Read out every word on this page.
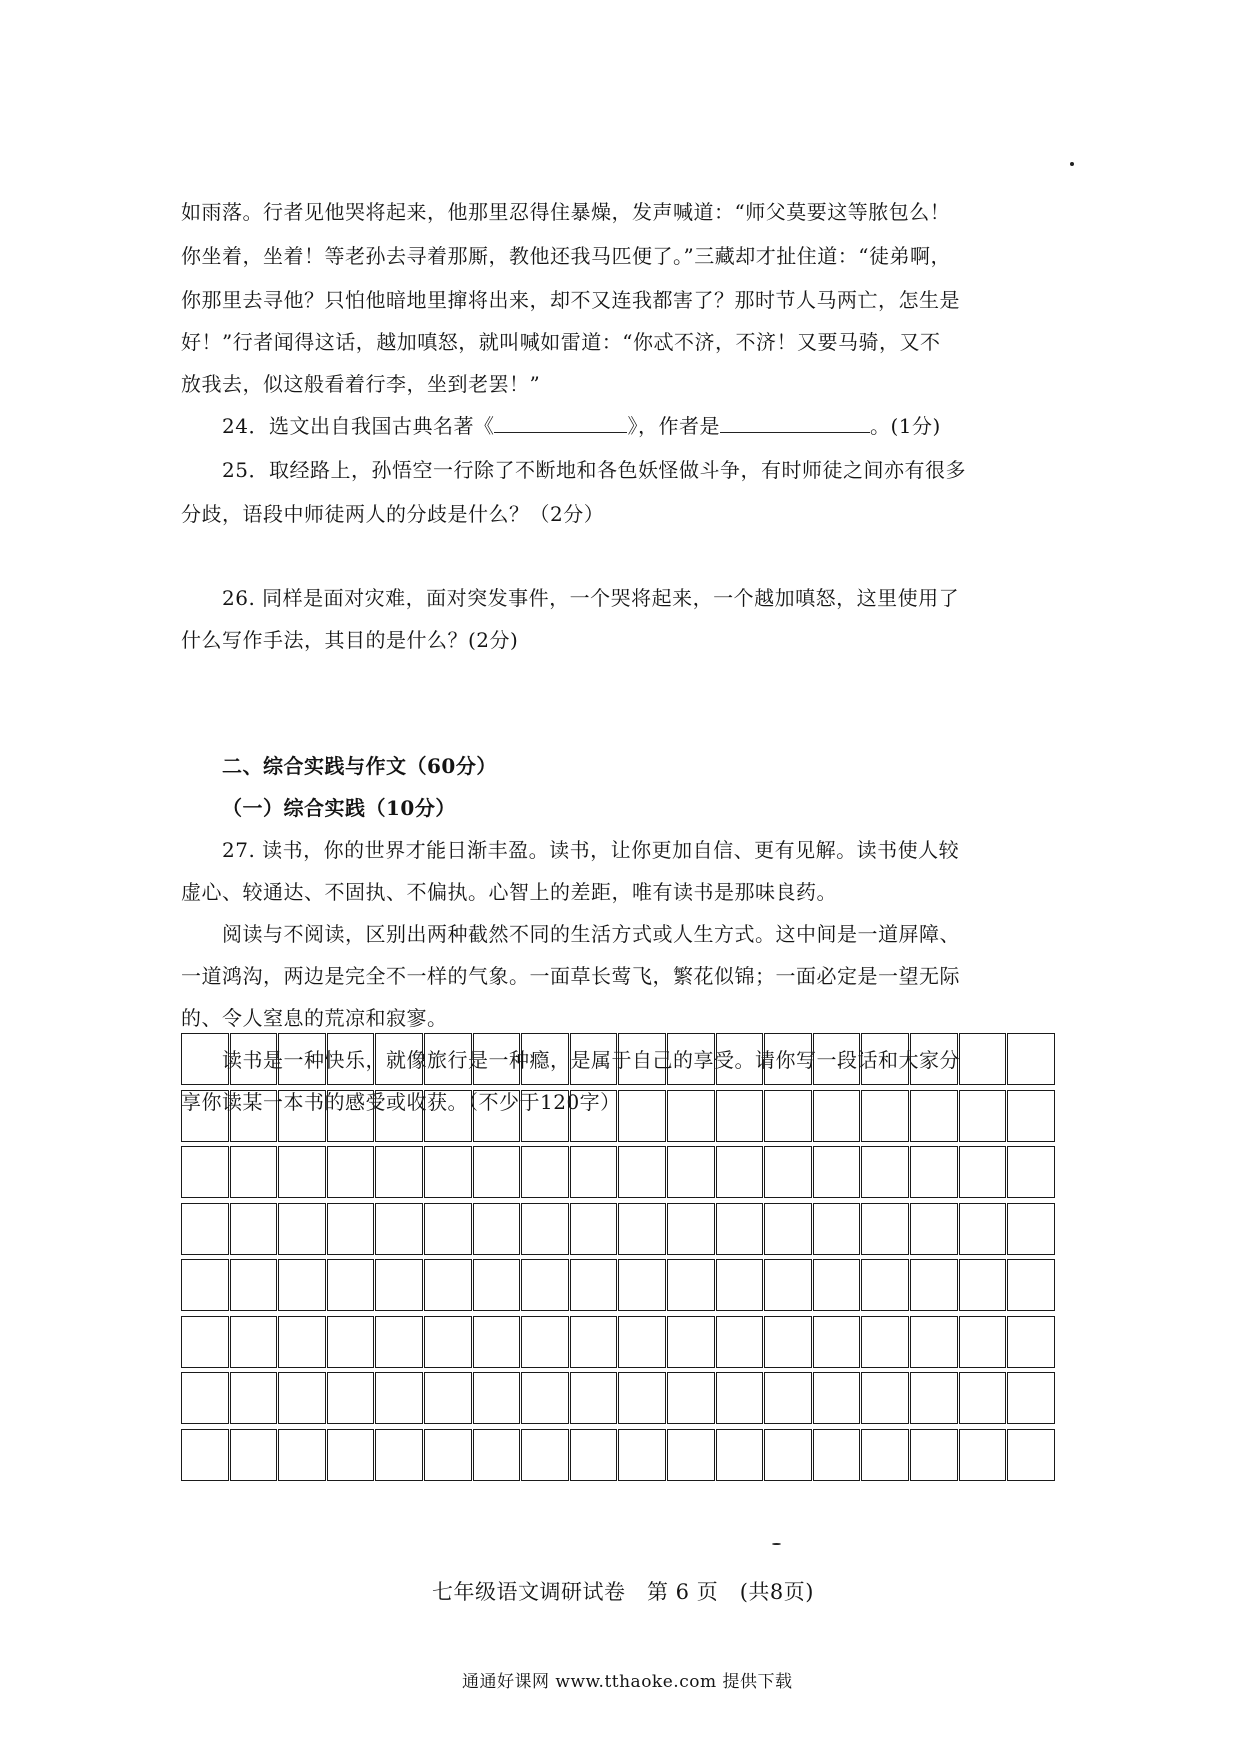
如雨落。行者见他哭将起来，他那里忍得住暴燥，发声喊道：“师父莫要这等脓包么！
你坐着，坐着！等老孙去寻着那厮，教他还我马匹便了。”三藏却才扯住道：“徒弟啊，
你那里去寻他？只怕他暗地里撺将出来，却不又连我都害了？那时节人马两亡，怎生是
好！”行者闻得这话，越加嗔怒，就叫喊如雷道：“你忒不济，不济！又要马骑，又不
放我去，似这般看着行李，坐到老罢！”
24．选文出自我国古典名著《	》，作者是	。(1分)
25．取经路上，孙悟空一行除了不断地和各色妖怪做斗争，有时师徒之间亦有很多
分歧，语段中师徒两人的分歧是什么？（2分）
26. 同样是面对灾难，面对突发事件，一个哭将起来，一个越加嗔怒，这里使用了
什么写作手法，其目的是什么？(2分)
二、综合实践与作文（60分）
（一）综合实践（10分）
27. 读书，你的世界才能日渐丰盈。读书，让你更加自信、更有见解。读书使人较
虚心、较通达、不固执、不偏执。心智上的差距，唯有读书是那味良药。
阅读与不阅读，区别出两种截然不同的生活方式或人生方式。这中间是一道屏障、
一道鸿沟，两边是完全不一样的气象。一面草长莺飞，繁花似锦；一面必定是一望无际
的、令人窒息的荒凉和寂寥。
读书是一种快乐，就像旅行是一种瘾，是属于自己的享受。请你写一段话和大家分
享你读某一本书的感受或收获。（不少于120字）
七年级语文调研试卷　第 6 页　(共8页)
通通好课网 www.tthaoke.com 提供下载
